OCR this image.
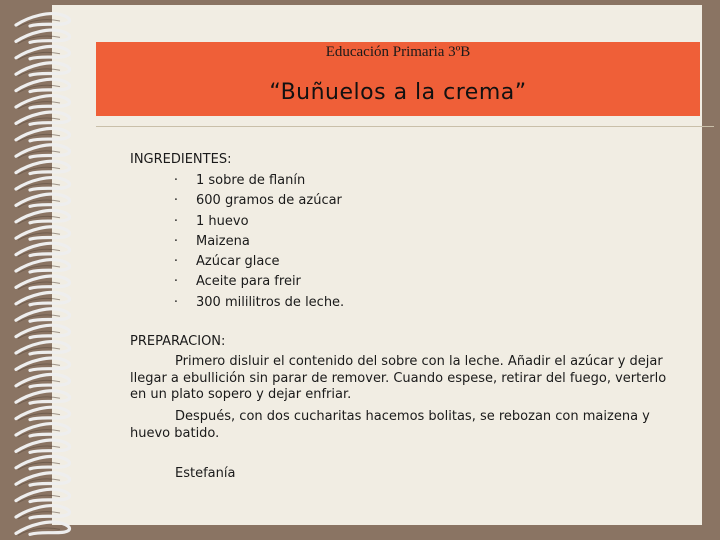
Educación Primaria 3ºB
“Buñuelos a la crema”
INGREDIENTES:
· 1 sobre de flanín
· 600 gramos de azúcar
· 1 huevo
· Maizena
· Azúcar glace
· Aceite para freir
· 300 mililitros de leche.
PREPARACION:

Primero disluir el contenido del sobre con la leche. Añadir el azúcar y dejar llegar a ebullición sin parar de remover. Cuando espese, retirar del fuego, verterlo en un plato sopero y dejar enfriar.

Después, con dos cucharitas hacemos bolitas, se rebozan con maizena y huevo batido.

Estefanía
